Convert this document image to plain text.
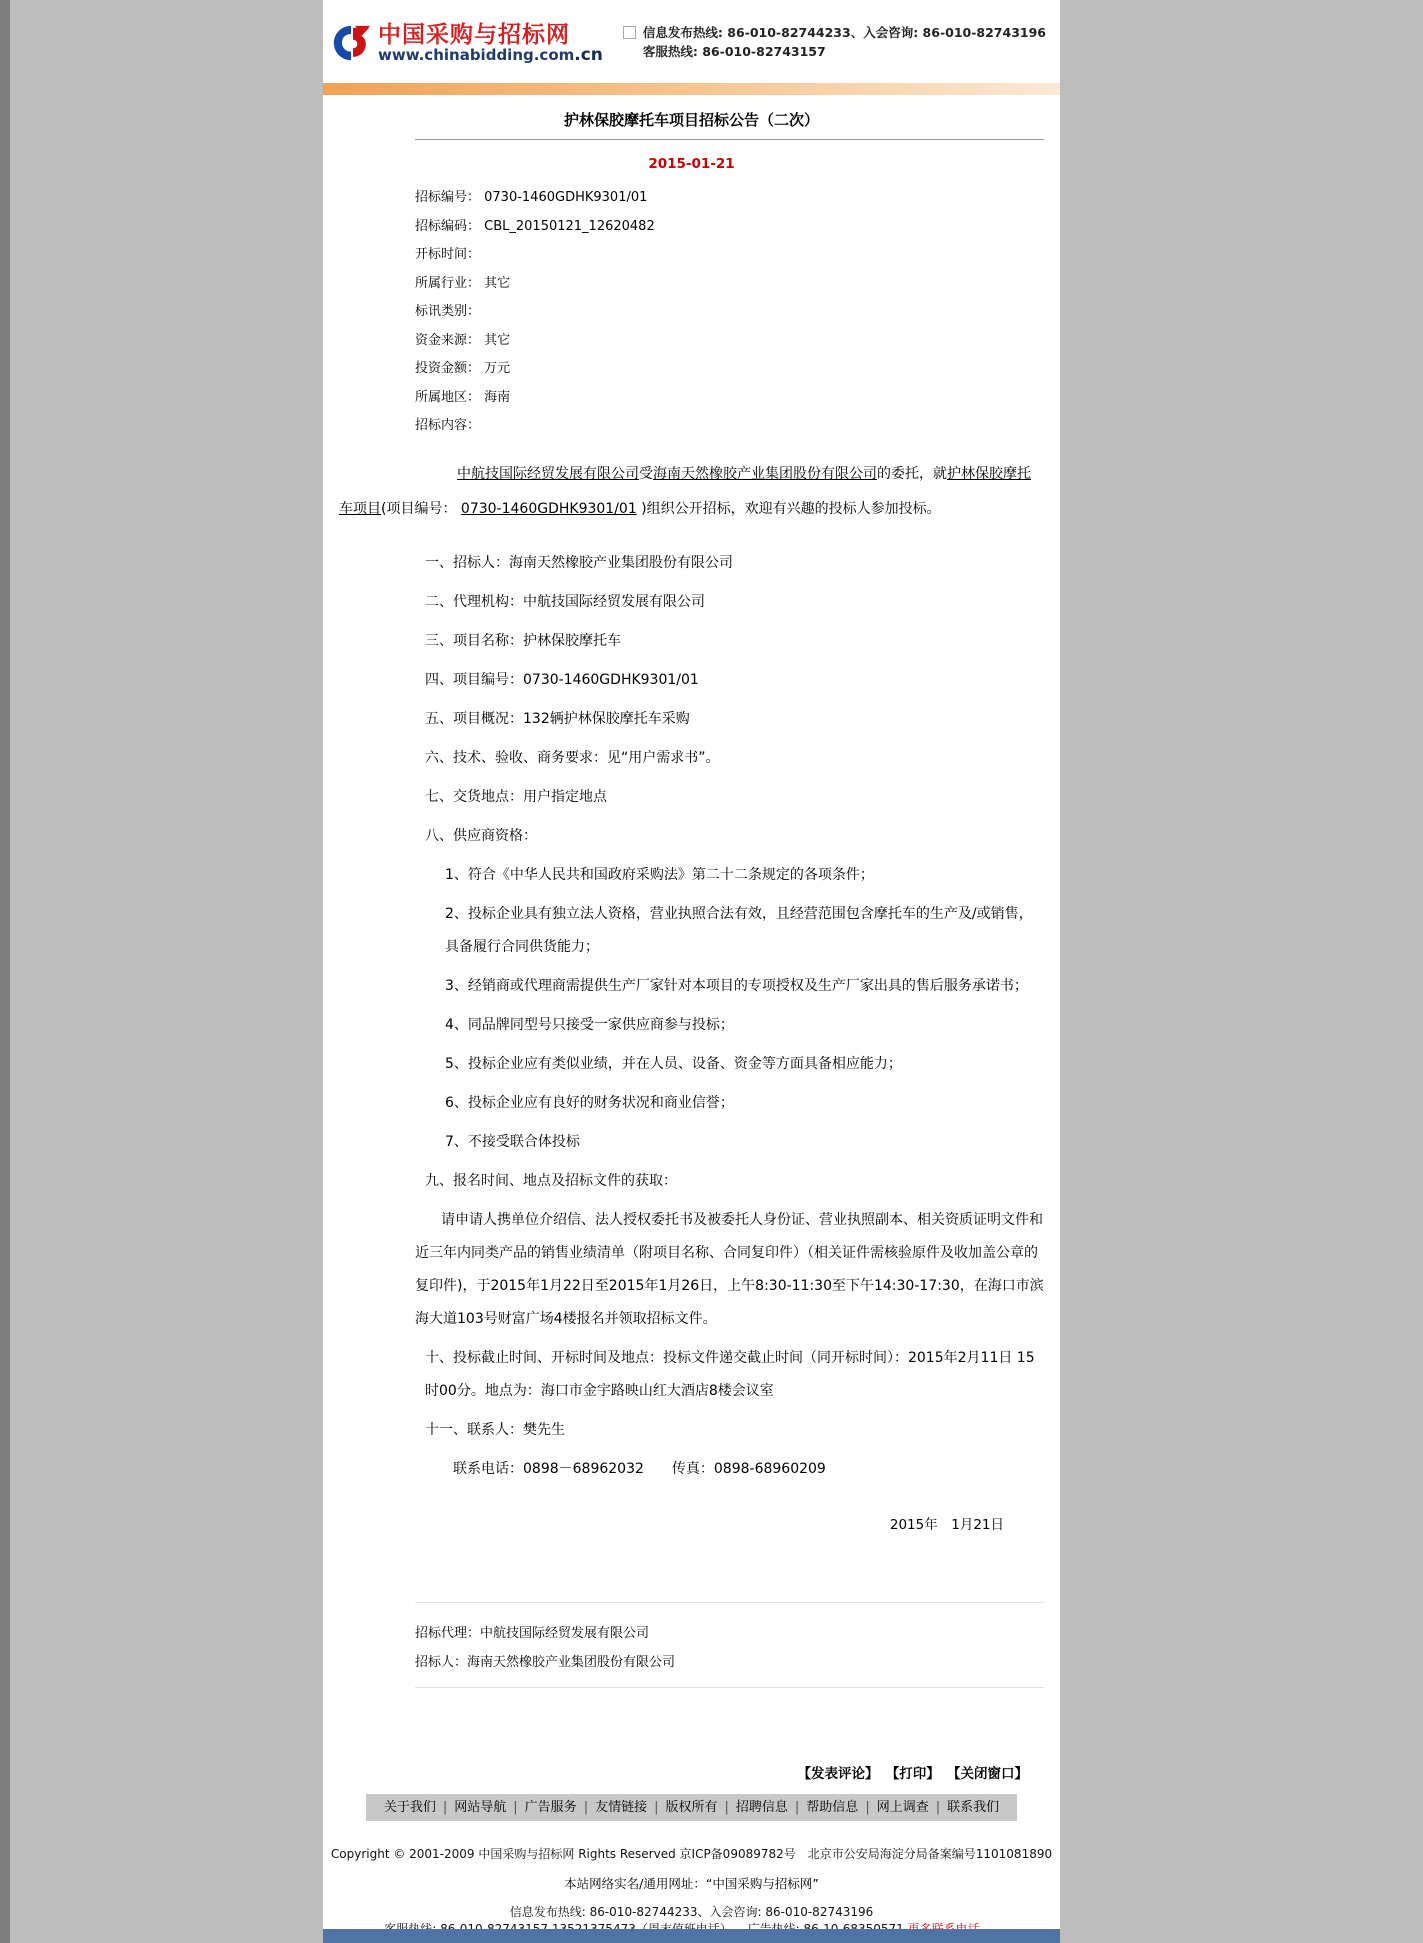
中国采购与招标网
www.chinabidding.com.cn
信息发布热线: 86-010-82744233、入会咨询: 86-010-82743196
客服热线: 86-010-82743157
护林保胶摩托车项目招标公告（二次）
2015-01-21
招标编号： 0730-1460GDHK9301/01
招标编码： CBL_20150121_12620482
开标时间：
所属行业： 其它
标讯类别：
资金来源： 其它
投资金额： 万元
所属地区： 海南
招标内容：

中航技国际经贸发展有限公司受海南天然橡胶产业集团股份有限公司的委托，就护林保胶摩托车项目(项目编号： 0730-1460GDHK9301/01 )组织公开招标，欢迎有兴趣的投标人参加投标。

一、招标人：海南天然橡胶产业集团股份有限公司
二、代理机构：中航技国际经贸发展有限公司
三、项目名称：护林保胶摩托车
四、项目编号：0730-1460GDHK9301/01
五、项目概况：132辆护林保胶摩托车采购
六、技术、验收、商务要求：见“用户需求书”。
七、交货地点：用户指定地点
八、供应商资格：
1、符合《中华人民共和国政府采购法》第二十二条规定的各项条件；
2、投标企业具有独立法人资格，营业执照合法有效，且经营范围包含摩托车的生产及/或销售，具备履行合同供货能力；
3、经销商或代理商需提供生产厂家针对本项目的专项授权及生产厂家出具的售后服务承诺书；
4、同品牌同型号只接受一家供应商参与投标；
5、投标企业应有类似业绩，并在人员、设备、资金等方面具备相应能力；
6、投标企业应有良好的财务状况和商业信誉；
7、不接受联合体投标
九、报名时间、地点及招标文件的获取：
请申请人携单位介绍信、法人授权委托书及被委托人身份证、营业执照副本、相关资质证明文件和近三年内同类产品的销售业绩清单（附项目名称、合同复印件）（相关证件需核验原件及收加盖公章的复印件)，于2015年1月22日至2015年1月26日，上午8:30-11:30至下午14:30-17:30，在海口市滨海大道103号财富广场4楼报名并领取招标文件。
十、投标截止时间、开标时间及地点：投标文件递交截止时间（同开标时间）：2015年2月11日 15时00分。地点为：海口市金宇路映山红大酒店8楼会议室
十一、联系人：樊先生
联系电话：0898－68962032　　传真：0898-68960209
2015年　1月21日
招标代理：中航技国际经贸发展有限公司
招标人：海南天然橡胶产业集团股份有限公司
【发表评论】 【打印】 【关闭窗口】
关于我们 | 网站导航 | 广告服务 | 友情链接 | 版权所有 | 招聘信息 | 帮助信息 | 网上调查 | 联系我们
Copyright © 2001-2009 中国采购与招标网 Rights Reserved 京ICP备09089782号　北京市公安局海淀分局备案编号1101081890
本站网络实名/通用网址：“中国采购与招标网”
信息发布热线: 86-010-82744233、入会咨询: 86-010-82743196
